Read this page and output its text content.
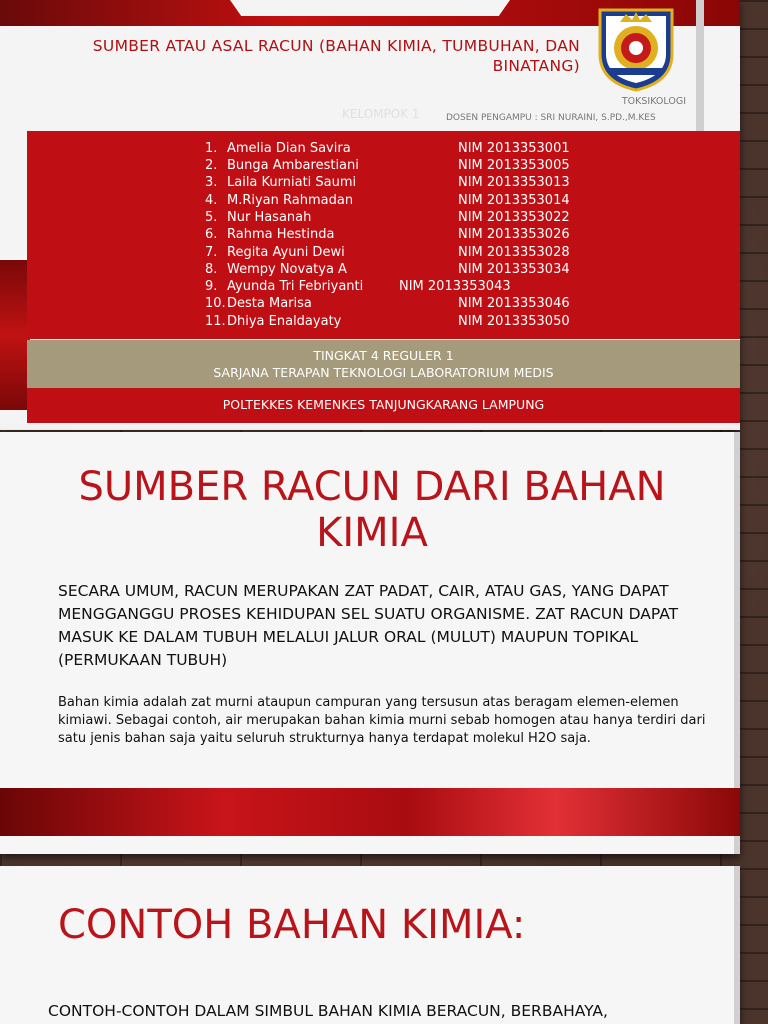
SUMBER ATAU ASAL RACUN (BAHAN KIMIA, TUMBUHAN, DAN
BINATANG)
TOKSIKOLOGI
KELOMPOK 1	DOSEN PENGAMPU : SRI NURAINI, S.PD.,M.KES
1. Amelia Dian Savira	NIM 2013353001
2. Bunga Ambarestiani	NIM 2013353005
3. Laila Kurniati Saumi	NIM 2013353013
4. M.Riyan Rahmadan	NIM 2013353014
5. Nur Hasanah	NIM 2013353022
6. Rahma Hestinda	NIM 2013353026
7. Regita Ayuni Dewi	NIM 2013353028
8. Wempy Novatya A	NIM 2013353034
9. Ayunda Tri Febriyanti	NIM 2013353043
10.Desta Marisa	NIM 2013353046
11.Dhiya Enaldayaty	NIM 2013353050
TINGKAT 4 REGULER 1
SARJANA TERAPAN TEKNOLOGI LABORATORIUM MEDIS
POLTEKKES KEMENKES TANJUNGKARANG LAMPUNG
SUMBER RACUN DARI BAHAN KIMIA
SECARA UMUM, RACUN MERUPAKAN ZAT PADAT, CAIR, ATAU GAS, YANG DAPAT MENGGANGGU PROSES KEHIDUPAN SEL SUATU ORGANISME. ZAT RACUN DAPAT MASUK KE DALAM TUBUH MELALUI JALUR ORAL (MULUT) MAUPUN TOPIKAL (PERMUKAAN TUBUH)
Bahan kimia adalah zat murni ataupun campuran yang tersusun atas beragam elemen-elemen kimiawi. Sebagai contoh, air merupakan bahan kimia murni sebab homogen atau hanya terdiri dari satu jenis bahan saja yaitu seluruh strukturnya hanya terdapat molekul H2O saja.
CONTOH BAHAN KIMIA:
CONTOH-CONTOH DALAM SIMBUL BAHAN KIMIA BERACUN, BERBAHAYA,
